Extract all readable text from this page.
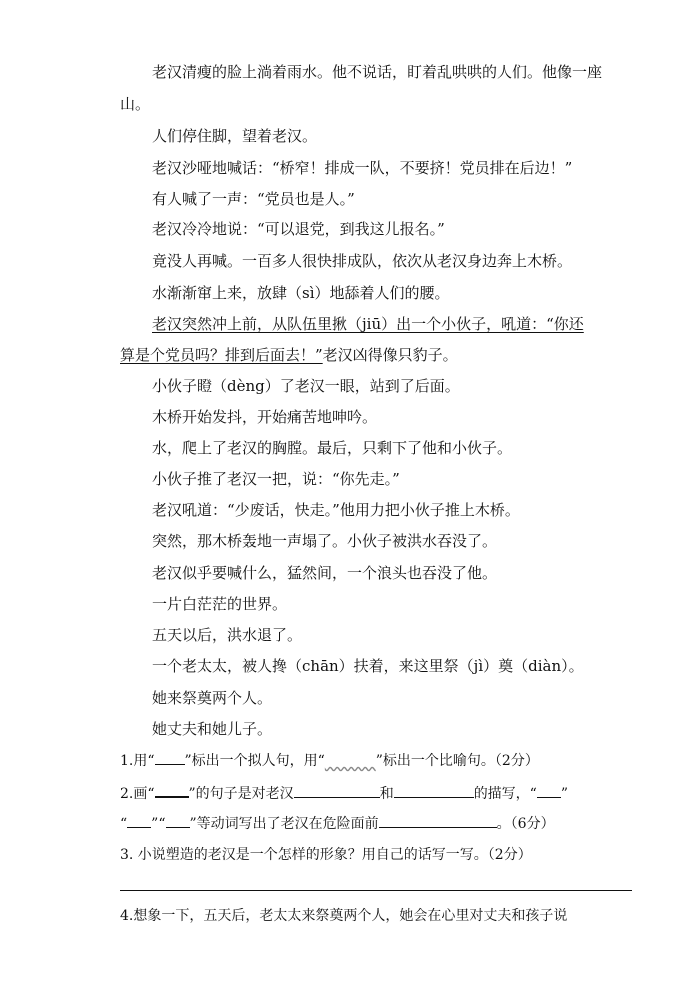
老汉清瘦的脸上淌着雨水。他不说话，盯着乱哄哄的人们。他像一座
山。
人们停住脚，望着老汉。
老汉沙哑地喊话：“桥窄！排成一队，不要挤！党员排在后边！”
有人喊了一声：“党员也是人。”
老汉冷冷地说：“可以退党，到我这儿报名。”
竟没人再喊。一百多人很快排成队，依次从老汉身边奔上木桥。
水渐渐窜上来，放肆（sì）地舔着人们的腰。
老汉突然冲上前，从队伍里揪（jiū）出一个小伙子，吼道：“你还
算是个党员吗？排到后面去！”老汉凶得像只豹子。
小伙子瞪（dèng）了老汉一眼，站到了后面。
木桥开始发抖，开始痛苦地呻吟。
水，爬上了老汉的胸膛。最后，只剩下了他和小伙子。
小伙子推了老汉一把，说：“你先走。”
老汉吼道：“少废话，快走。”他用力把小伙子推上木桥。
突然，那木桥轰地一声塌了。小伙子被洪水吞没了。
老汉似乎要喊什么，猛然间，一个浪头也吞没了他。
一片白茫茫的世界。
五天以后，洪水退了。
一个老太太，被人搀（chān）扶着，来这里祭（jì）奠（diàn）。
她来祭奠两个人。
她丈夫和她儿子。
1.用“ ”标出一个拟人句，用“	”标出一个比喻句。（2分）
2.画“ ”的句子是对老汉	和	的描写，“ ”
“ ”“ ”等动词写出了老汉在危险面前	。（6分）
3. 小说塑造的老汉是一个怎样的形象？用自己的话写一写。（2分）
4.想象一下，五天后，老太太来祭奠两个人，她会在心里对丈夫和孩子说
